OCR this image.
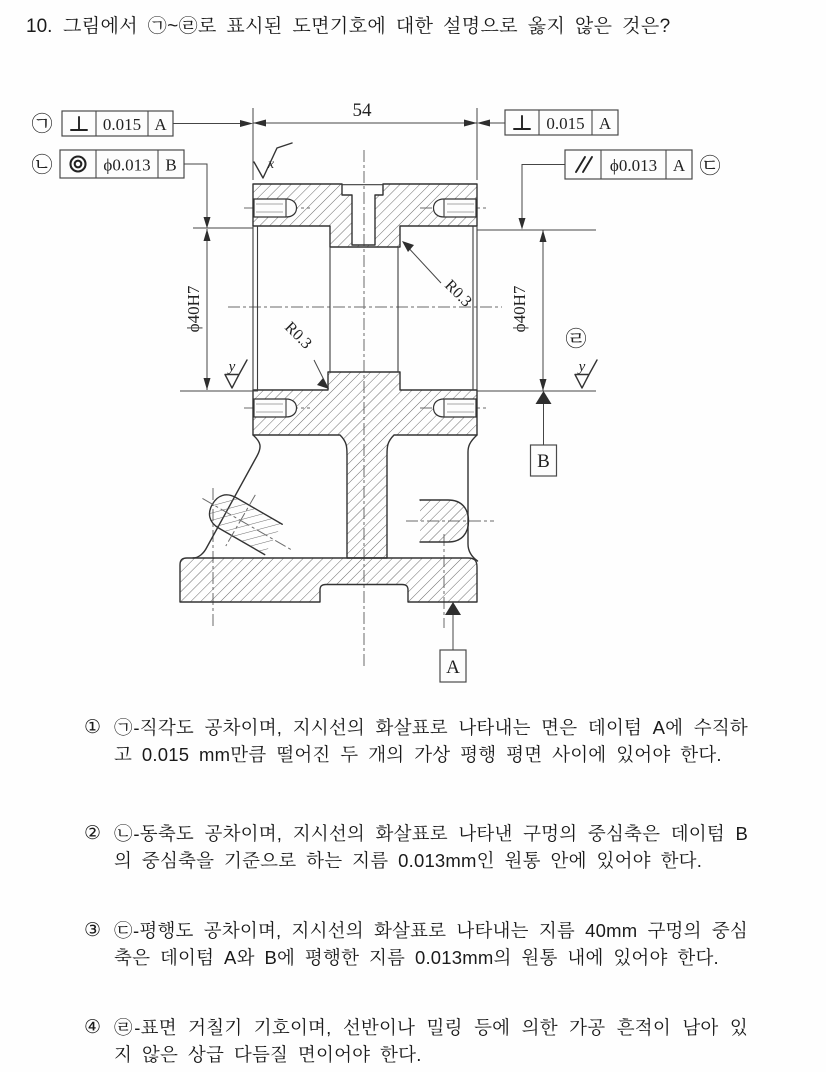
10. 그림에서 ㉠~㉣로 표시된 도면기호에 대한 설명으로 옳지 않은 것은?
54
㉠	0.015 A
㉡	ϕ0.013 B
0.015 A
ϕ0.013 A ㉢
ϕ40H7	ϕ40H7
R0.3
R0.3
x
y
㉣
y
B
A
① ㉠-직각도 공차이며, 지시선의 화살표로 나타내는 면은 데이텀 A에 수직하고 0.015 mm만큼 떨어진 두 개의 가상 평행 평면 사이에 있어야 한다.
② ㉡-동축도 공차이며, 지시선의 화살표로 나타낸 구멍의 중심축은 데이텀 B의 중심축을 기준으로 하는 지름 0.013mm인 원통 안에 있어야 한다.
③ ㉢-평행도 공차이며, 지시선의 화살표로 나타내는 지름 40mm 구멍의 중심축은 데이텀 A와 B에 평행한 지름 0.013mm의 원통 내에 있어야 한다.
④ ㉣-표면 거칠기 기호이며, 선반이나 밀링 등에 의한 가공 흔적이 남아 있지 않은 상급 다듬질 면이어야 한다.
